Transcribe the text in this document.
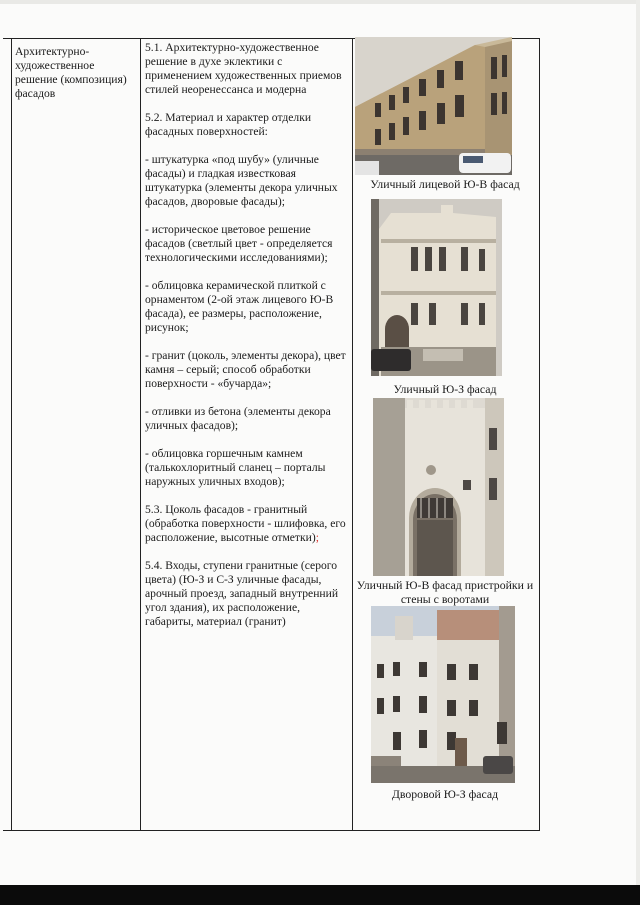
Архитектурно-художественное решение (композиция) фасадов

5.1. Архитектурно-художественное решение в духе эклектики с применением художественных приемов стилей неоренессанса и модерна

5.2. Материал и характер отделки фасадных поверхностей:

- штукатурка «под шубу» (уличные фасады) и гладкая известковая штукатурка (элементы декора уличных фасадов, дворовые фасады);

- историческое цветовое решение фасадов (светлый цвет - определяется технологическими исследованиями);

- облицовка керамической плиткой с орнаментом (2-ой этаж лицевого Ю-В фасада), ее размеры, расположение, рисунок;

- гранит (цоколь, элементы декора), цвет камня – серый; способ обработки поверхности - «бучарда»;

- отливки из бетона (элементы декора уличных фасадов);

- облицовка горшечным камнем (талькохлоритный сланец – порталы наружных уличных входов);

5.3. Цоколь фасадов - гранитный (обработка поверхности - шлифовка, его расположение, высотные отметки);

5.4. Входы, ступени гранитные (серого цвета) (Ю-З и С-З уличные фасады, арочный проезд, западный внутренний угол здания), их расположение, габариты, материал (гранит)

Уличный лицевой Ю-В фасад
Уличный Ю-З фасад
Уличный Ю-В фасад пристройки и стены с воротами
Дворовой Ю-З фасад
